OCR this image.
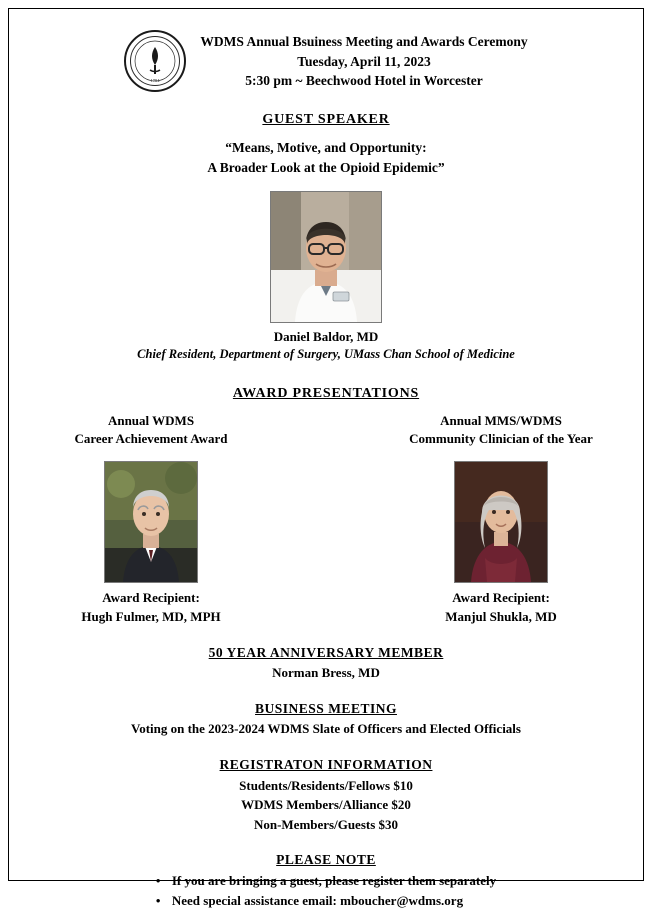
1794
WDMS Annual Bsuiness Meeting and Awards Ceremony
Tuesday, April 11, 2023
5:30 pm ~ Beechwood Hotel in Worcester
GUEST SPEAKER
“Means, Motive, and Opportunity:
A Broader Look at the Opioid Epidemic”
Daniel Baldor, MD
Chief Resident, Department of Surgery, UMass Chan School of Medicine
AWARD PRESENTATIONS
Annual WDMS
Career Achievement Award
Award Recipient:
Hugh Fulmer, MD, MPH
Annual MMS/WDMS
Community Clinician of the Year
Award Recipient:
Manjul Shukla, MD
50 YEAR ANNIVERSARY MEMBER
Norman Bress, MD
BUSINESS MEETING
Voting on the 2023-2024 WDMS Slate of Officers and Elected Officials
REGISTRATON INFORMATION
Students/Residents/Fellows $10
WDMS Members/Alliance $20
Non-Members/Guests $30
PLEASE NOTE
• If you are bringing a guest, please register them separately
• Need special assistance email: mboucher@wdms.org
